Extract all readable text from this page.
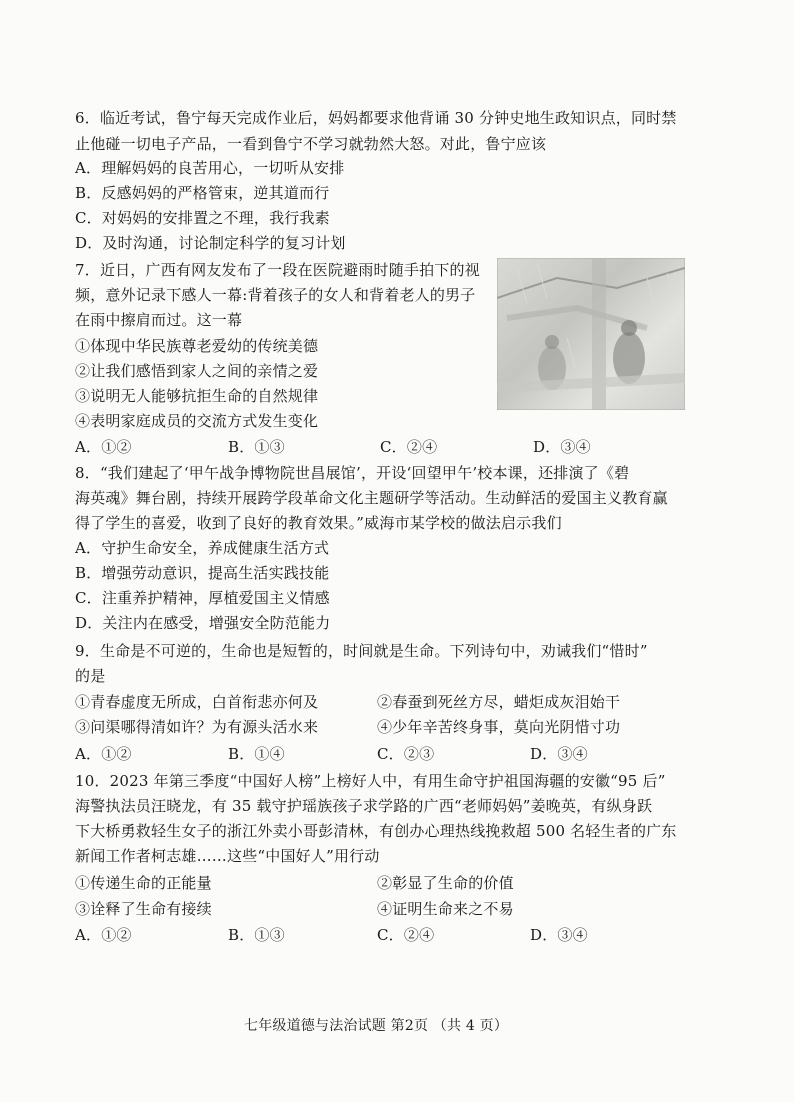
6．临近考试，鲁宁每天完成作业后，妈妈都要求他背诵 30 分钟史地生政知识点，同时禁
止他碰一切电子产品，一看到鲁宁不学习就勃然大怒。对此，鲁宁应该
A．理解妈妈的良苦用心，一切听从安排
B．反感妈妈的严格管束，逆其道而行
C．对妈妈的安排置之不理，我行我素
D．及时沟通，讨论制定科学的复习计划
7．近日，广西有网友发布了一段在医院避雨时随手拍下的视
频，意外记录下感人一幕:背着孩子的女人和背着老人的男子
在雨中擦肩而过。这一幕
①体现中华民族尊老爱幼的传统美德
②让我们感悟到家人之间的亲情之爱
③说明无人能够抗拒生命的自然规律
④表明家庭成员的交流方式发生变化
A．①②	B．①③	C．②④	D．③④
8．“我们建起了‘甲午战争博物院世昌展馆’，开设‘回望甲午’校本课，还排演了《碧
海英魂》舞台剧，持续开展跨学段革命文化主题研学等活动。生动鲜活的爱国主义教育赢
得了学生的喜爱，收到了良好的教育效果。”威海市某学校的做法启示我们
A．守护生命安全，养成健康生活方式
B．增强劳动意识，提高生活实践技能
C．注重养护精神，厚植爱国主义情感
D．关注内在感受，增强安全防范能力
9．生命是不可逆的，生命也是短暂的，时间就是生命。下列诗句中，劝诫我们“惜时”
的是
①青春虚度无所成，白首衔悲亦何及	②春蚕到死丝方尽，蜡炬成灰泪始干
③问渠哪得清如许？为有源头活水来	④少年辛苦终身事，莫向光阴惜寸功
A．①②	B．①④	C．②③	D．③④
10．2023 年第三季度“中国好人榜”上榜好人中，有用生命守护祖国海疆的安徽“95 后”
海警执法员汪晓龙，有 35 载守护瑶族孩子求学路的广西“老师妈妈”姜晚英，有纵身跃
下大桥勇救轻生女子的浙江外卖小哥彭清林，有创办心理热线挽救超 500 名轻生者的广东
新闻工作者柯志雄……这些“中国好人”用行动
①传递生命的正能量	②彰显了生命的价值
③诠释了生命有接续	④证明生命来之不易
A．①②	B．①③	C．②④	D．③④
七年级道德与法治试题 第2页 （共 4 页）
